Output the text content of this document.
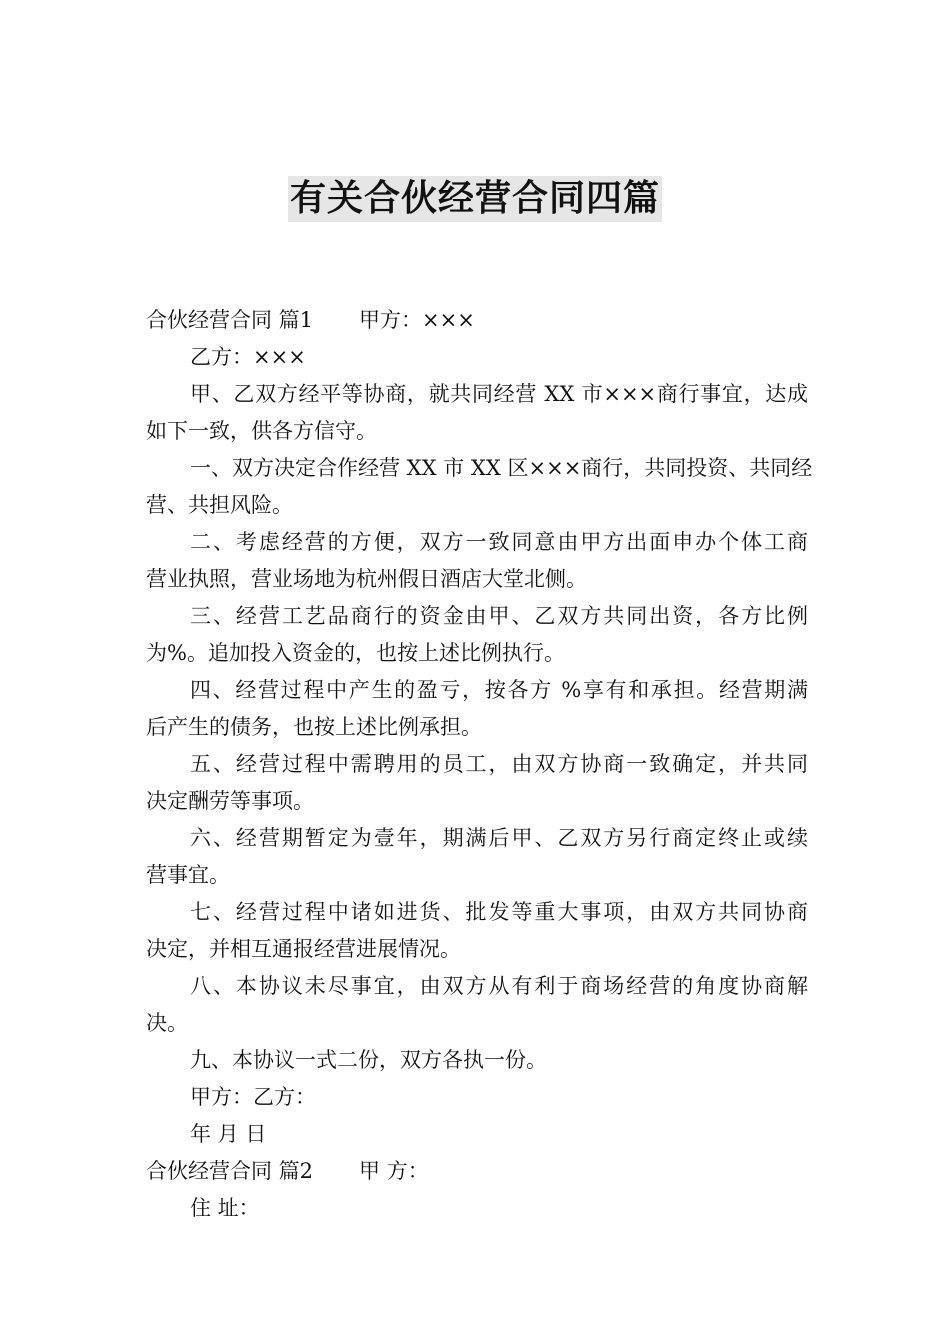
有关合伙经营合同四篇
合伙经营合同 篇1 甲方：×××
乙方：×××
甲、乙双方经平等协商，就共同经营 XX 市×××商行事宜，达成
如下一致，供各方信守。
一、双方决定合作经营 XX 市 XX 区×××商行，共同投资、共同经
营、共担风险。
二、考虑经营的方便，双方一致同意由甲方出面申办个体工商
营业执照，营业场地为杭州假日酒店大堂北侧。
三、经营工艺品商行的资金由甲、乙双方共同出资，各方比例
为%。追加投入资金的，也按上述比例执行。
四、经营过程中产生的盈亏，按各方 %享有和承担。经营期满
后产生的债务，也按上述比例承担。
五、经营过程中需聘用的员工，由双方协商一致确定，并共同
决定酬劳等事项。
六、经营期暂定为壹年，期满后甲、乙双方另行商定终止或续
营事宜。
七、经营过程中诸如进货、批发等重大事项，由双方共同协商
决定，并相互通报经营进展情况。
八、本协议未尽事宜，由双方从有利于商场经营的角度协商解
决。
九、本协议一式二份，双方各执一份。
甲方：乙方：
年 月 日
合伙经营合同 篇2 甲 方：
住 址：
